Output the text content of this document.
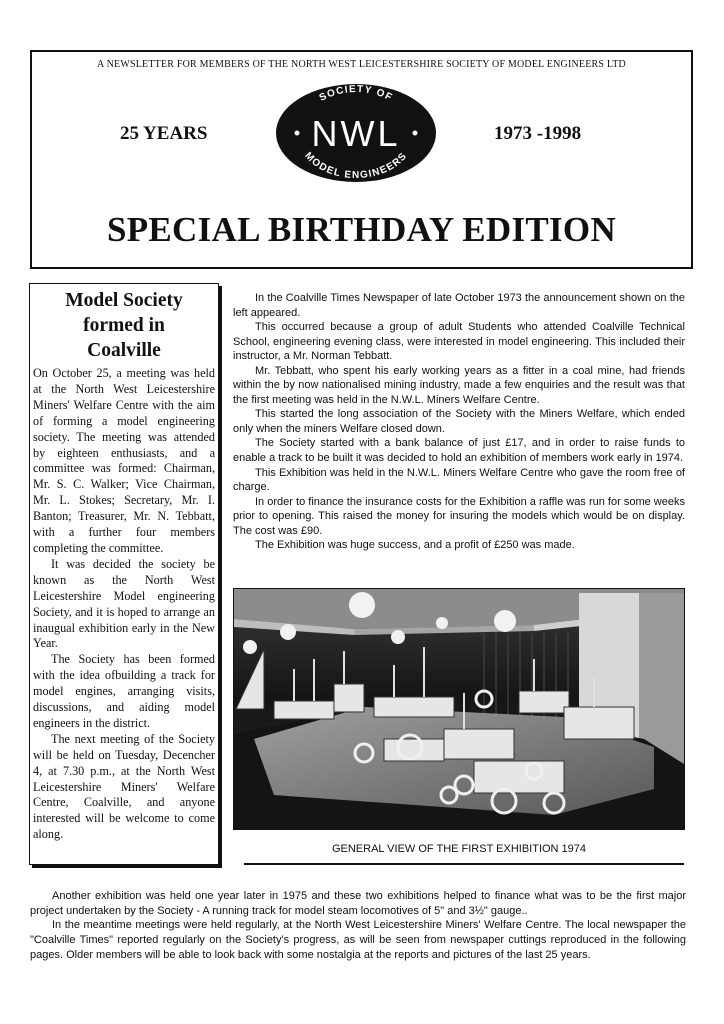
A NEWSLETTER FOR MEMBERS OF THE NORTH WEST LEICESTERSHIRE SOCIETY OF MODEL ENGINEERS LTD
25 YEARS
SOCIETY OF
MODEL ENGINEERS
NWL	1973 -1998
SPECIAL BIRTHDAY EDITION
Model Society
formed in
Coalville

On October 25, a meeting was held at the North West Leicestershire Miners' Welfare Centre with the aim of forming a model engineering society. The meeting was attended by eighteen enthusiasts, and a committee was formed: Chairman, Mr. S. C. Walker; Vice Chairman, Mr. L. Stokes; Secretary, Mr. I. Banton; Treasurer, Mr. N. Tebbatt, with a further four members completing the committee.

It was decided the society be known as the North West Leicestershire Model engineering Society, and it is hoped to arrange an inaugual exhibition early in the New Year.

The Society has been formed with the idea ofbuilding a track for model engines, arranging visits, discussions, and aiding model engineers in the district.

The next meeting of the Society will be held on Tuesday, Decencher 4, at 7.30 p.m., at the North West Leicestershire Miners' Welfare Centre, Coalville, and anyone interested will be welcome to come along.

In the Coalville Times Newspaper of late October 1973 the announcement shown on the left appeared.

This occurred because a group of adult Students who attended Coalville Technical School, engineering evening class, were interested in model engineering. This included their instructor, a Mr. Norman Tebbatt.

Mr. Tebbatt, who spent his early working years as a fitter in a coal mine, had friends within the by now nationalised mining industry, made a few enquiries and the result was that the first meeting was held in the N.W.L. Miners Welfare Centre.

This started the long association of the Society with the Miners Welfare, which ended only when the miners Welfare closed down.

The Society started with a bank balance of just £17, and in order to raise funds to enable a track to be built it was decided to hold an exhibition of members work early in 1974.

This Exhibition was held in the N.W.L. Miners Welfare Centre who gave the room free of charge.

In order to finance the insurance costs for the Exhibition a raffle was run for some weeks prior to opening. This raised the money for insuring the models which would be on display. The cost was £90.

The Exhibition was huge success, and a profit of £250 was made.

GENERAL VIEW OF THE FIRST EXHIBITION 1974

Another exhibition was held one year later in 1975 and these two exhibitions helped to finance what was to be the first major project undertaken by the Society - A running track for model steam locomotives of 5" and 3½" gauge..

In the meantime meetings were held regularly, at the North West Leicestershire Miners' Welfare Centre. The local newspaper the "Coalville Times" reported regularly on the Society's progress, as will be seen from newspaper cuttings reproduced in the following pages. Older members will be able to look back with some nostalgia at the reports and pictures of the last 25 years.
